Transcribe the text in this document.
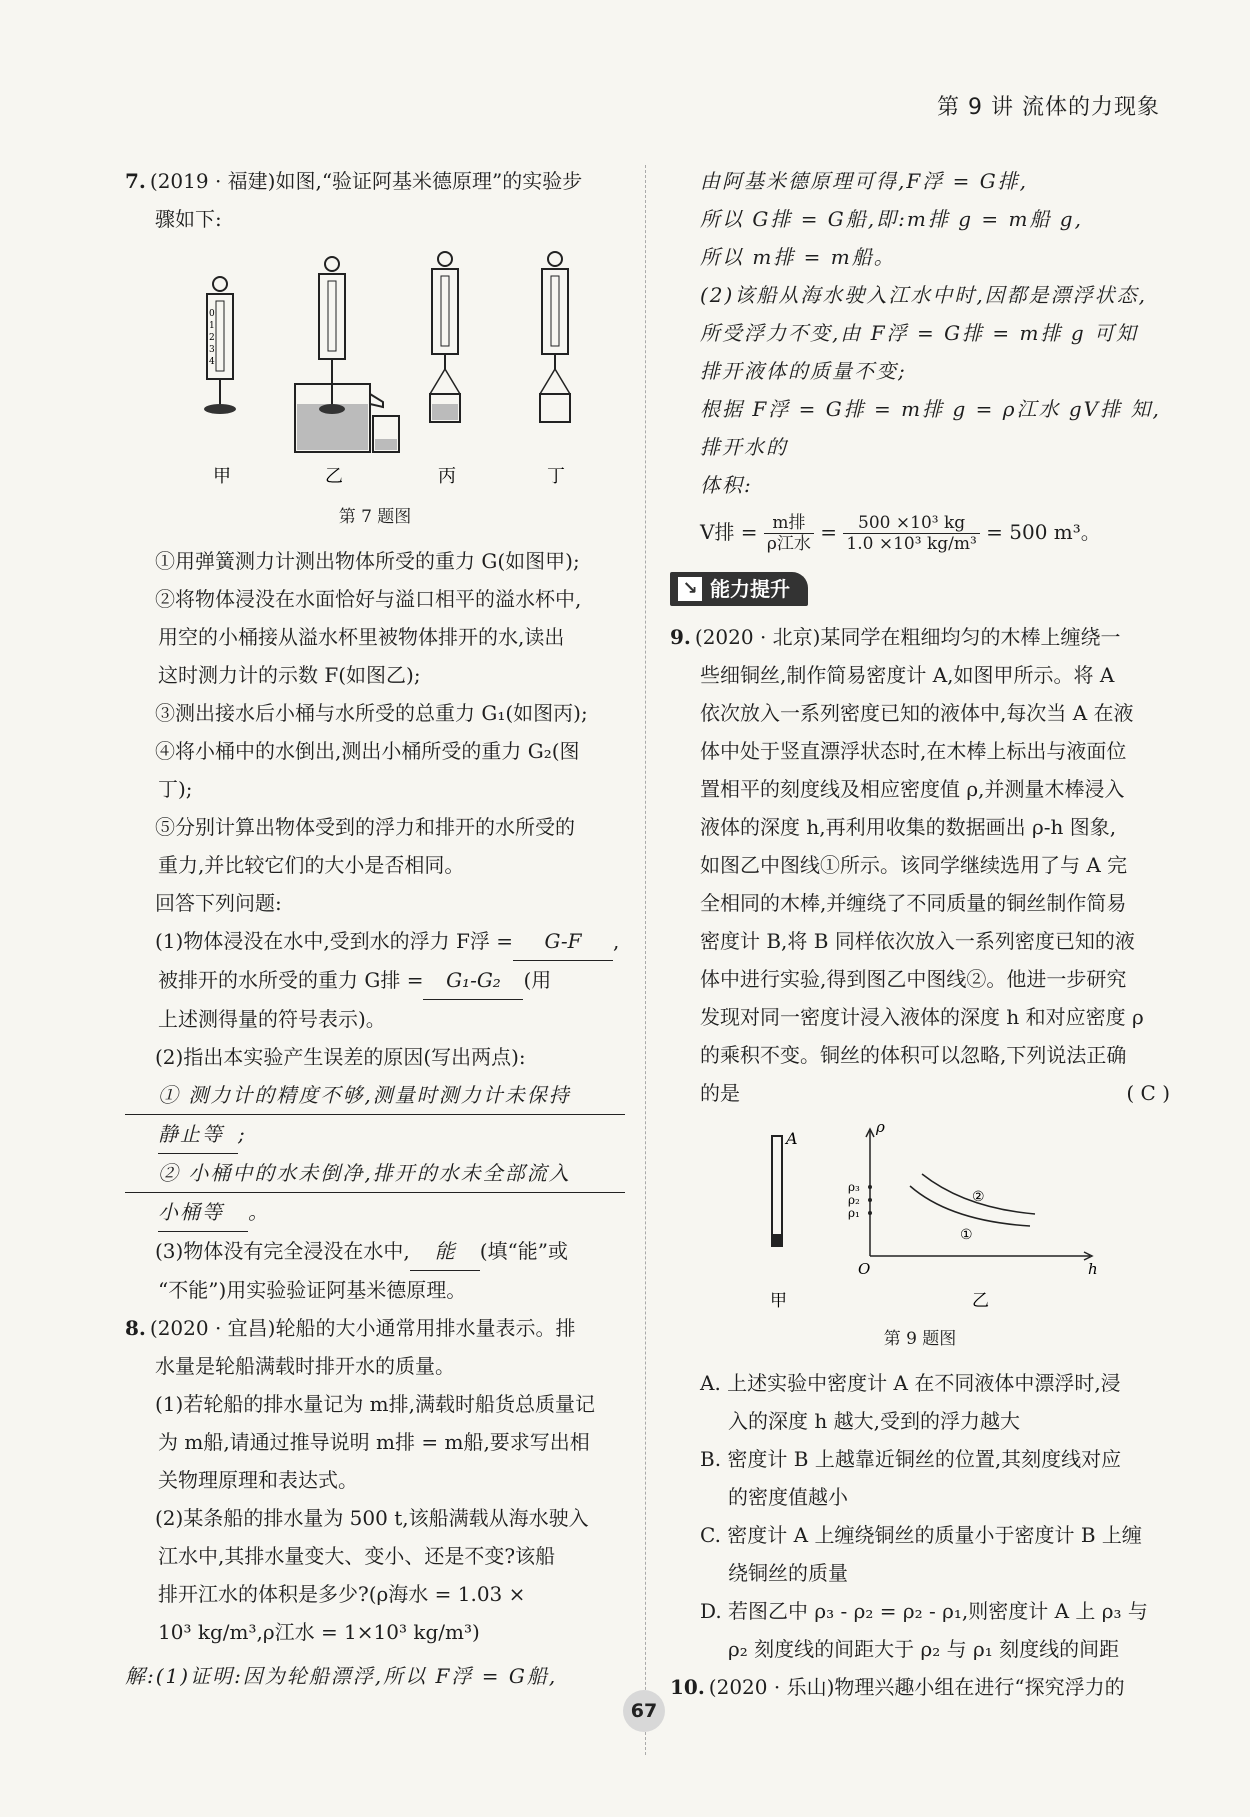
第 9 讲 流体的力现象

7. (2019 · 福建)如图,“验证阿基米德原理”的实验步

骤如下:

0
1
2
3
4
甲	乙	丙	丁

第 7 题图

①用弹簧测力计测出物体所受的重力 G(如图甲);

②将物体浸没在水面恰好与溢口相平的溢水杯中,

用空的小桶接从溢水杯里被物体排开的水,读出

这时测力计的示数 F(如图乙);

③测出接水后小桶与水所受的总重力 G₁(如图丙);

④将小桶中的水倒出,测出小桶所受的重力 G₂(图

丁);

⑤分别计算出物体受到的浮力和排开的水所受的

重力,并比较它们的大小是否相同。

回答下列问题:

(1)物体浸没在水中,受到水的浮力 F浮 = G-F ,

被排开的水所受的重力 G排 = G₁-G₂ (用

上述测得量的符号表示)。

(2)指出本实验产生误差的原因(写出两点):

① 测力计的精度不够,测量时测力计未保持

静止等 ;

② 小桶中的水未倒净,排开的水未全部流入

小桶等 。

(3)物体没有完全浸没在水中, 能 (填“能”或

“不能”)用实验验证阿基米德原理。

8. (2020 · 宜昌)轮船的大小通常用排水量表示。排

水量是轮船满载时排开水的质量。

(1)若轮船的排水量记为 m排,满载时船货总质量记

为 m船,请通过推导说明 m排 = m船,要求写出相

关物理原理和表达式。

(2)某条船的排水量为 500 t,该船满载从海水驶入

江水中,其排水量变大、变小、还是不变?该船

排开江水的体积是多少?(ρ海水 = 1.03 ×

10³ kg/m³,ρ江水 = 1×10³ kg/m³)

解:(1)证明:因为轮船漂浮,所以 F浮 = G船,

由阿基米德原理可得,F浮 = G排,

所以 G排 = G船,即:m排 g = m船 g,

所以 m排 = m船。

(2)该船从海水驶入江水中时,因都是漂浮状态,

所受浮力不变,由 F浮 = G排 = m排 g 可知

排开液体的质量不变;

根据 F浮 = G排 = m排 g = ρ江水 gV排 知,排开水的

体积:

V排 = $\frac{\text{m排}}{\text{ρ江水}} = \frac{\text{500 ×10³ kg}}{\text{1.0 ×10³ kg/m³}} = 500$ m³。

↘ 能力提升

9. (2020 · 北京)某同学在粗细均匀的木棒上缠绕一

些细铜丝,制作简易密度计 A,如图甲所示。将 A

依次放入一系列密度已知的液体中,每次当 A 在液

体中处于竖直漂浮状态时,在木棒上标出与液面位

置相平的刻度线及相应密度值 ρ,并测量木棒浸入

液体的深度 h,再利用收集的数据画出 ρ-h 图象,

如图乙中图线①所示。该同学继续选用了与 A 完

全相同的木棒,并缠绕了不同质量的铜丝制作简易

密度计 B,将 B 同样依次放入一系列密度已知的液

体中进行实验,得到图乙中图线②。他进一步研究

发现对同一密度计浸入液体的深度 h 和对应密度 ρ

的乘积不变。铜丝的体积可以忽略,下列说法正确

的是	( C )

A
ρ
h
O
ρ₃
ρ₂
ρ₁
①
②
甲	乙

第 9 题图

A. 上述实验中密度计 A 在不同液体中漂浮时,浸

入的深度 h 越大,受到的浮力越大

B. 密度计 B 上越靠近铜丝的位置,其刻度线对应

的密度值越小

C. 密度计 A 上缠绕铜丝的质量小于密度计 B 上缠

绕铜丝的质量

D. 若图乙中 ρ₃ - ρ₂ = ρ₂ - ρ₁,则密度计 A 上 ρ₃ 与

ρ₂ 刻度线的间距大于 ρ₂ 与 ρ₁ 刻度线的间距

10. (2020 · 乐山)物理兴趣小组在进行“探究浮力的

67
